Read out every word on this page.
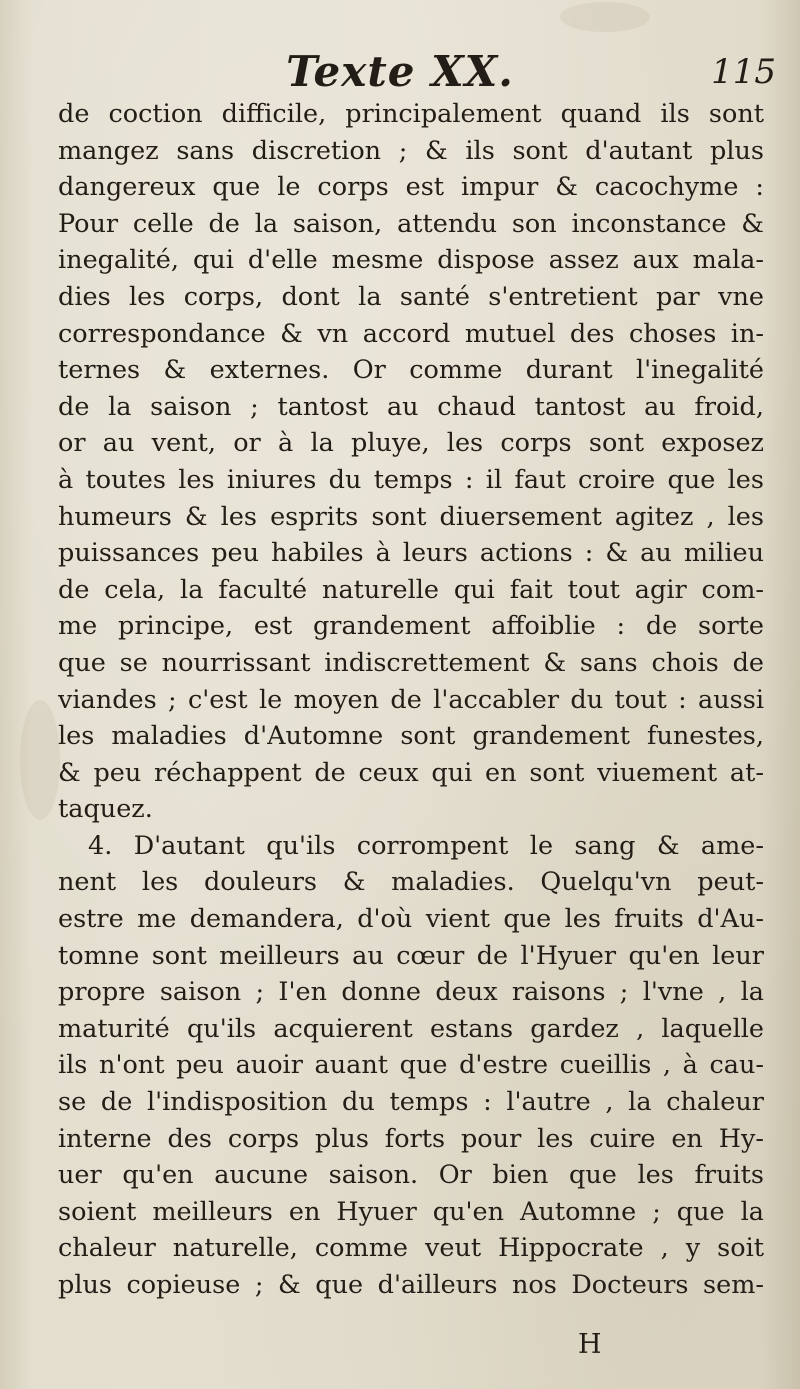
Texte XX.	115
de coction difficile, principalement quand ils sont
mangez sans discretion ; & ils sont d'autant plus
dangereux que le corps est impur & cacochyme :
Pour celle de la saison, attendu son inconstance &
inegalité, qui d'elle mesme dispose assez aux mala-
dies les corps, dont la santé s'entretient par vne
correspondance & vn accord mutuel des choses in-
ternes & externes. Or comme durant l'inegalité
de la saison ; tantost au chaud tantost au froid,
or au vent, or à la pluye, les corps sont exposez
à toutes les iniures du temps : il faut croire que les
humeurs & les esprits sont diuersement agitez , les
puissances peu habiles à leurs actions : & au milieu
de cela, la faculté naturelle qui fait tout agir com-
me principe, est grandement affoiblie : de sorte
que se nourrissant indiscrettement & sans chois de
viandes ; c'est le moyen de l'accabler du tout : aussi
les maladies d'Automne sont grandement funestes,
& peu réchappent de ceux qui en sont viuement at-
taquez.
4. D'autant qu'ils corrompent le sang & ame-
nent les douleurs & maladies. Quelqu'vn peut-
estre me demandera, d'où vient que les fruits d'Au-
tomne sont meilleurs au cœur de l'Hyuer qu'en leur
propre saison ; I'en donne deux raisons ; l'vne , la
maturité qu'ils acquierent estans gardez , laquelle
ils n'ont peu auoir auant que d'estre cueillis , à cau-
se de l'indisposition du temps : l'autre , la chaleur
interne des corps plus forts pour les cuire en Hy-
uer qu'en aucune saison. Or bien que les fruits
soient meilleurs en Hyuer qu'en Automne ; que la
chaleur naturelle, comme veut Hippocrate , y soit
plus copieuse ; & que d'ailleurs nos Docteurs sem-
H
